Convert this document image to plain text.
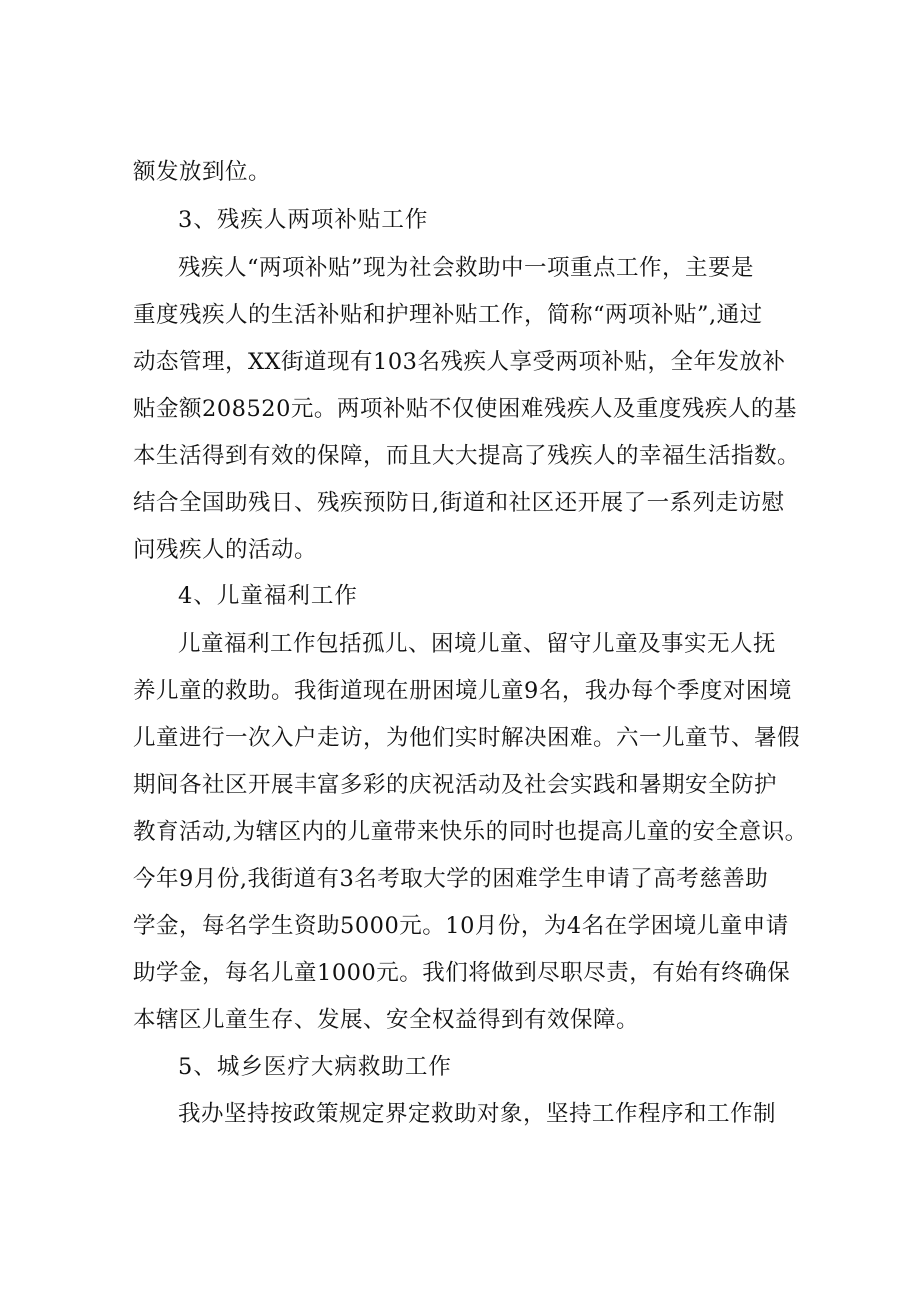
额发放到位。
3、残疾人两项补贴工作
残疾人“两项补贴”现为社会救助中一项重点工作，主要是
重度残疾人的生活补贴和护理补贴工作，简称“两项补贴”,通过
动态管理，XX街道现有103名残疾人享受两项补贴，全年发放补
贴金额208520元。两项补贴不仅使困难残疾人及重度残疾人的基
本生活得到有效的保障，而且大大提高了残疾人的幸福生活指数。
结合全国助残日、残疾预防日,街道和社区还开展了一系列走访慰
问残疾人的活动。
4、儿童福利工作
儿童福利工作包括孤儿、困境儿童、留守儿童及事实无人抚
养儿童的救助。我街道现在册困境儿童9名，我办每个季度对困境
儿童进行一次入户走访，为他们实时解决困难。六一儿童节、暑假
期间各社区开展丰富多彩的庆祝活动及社会实践和暑期安全防护
教育活动,为辖区内的儿童带来快乐的同时也提高儿童的安全意识。
今年9月份,我街道有3名考取大学的困难学生申请了高考慈善助
学金，每名学生资助5000元。10月份，为4名在学困境儿童申请
助学金，每名儿童1000元。我们将做到尽职尽责，有始有终确保
本辖区儿童生存、发展、安全权益得到有效保障。
5、城乡医疗大病救助工作
我办坚持按政策规定界定救助对象，坚持工作程序和工作制
